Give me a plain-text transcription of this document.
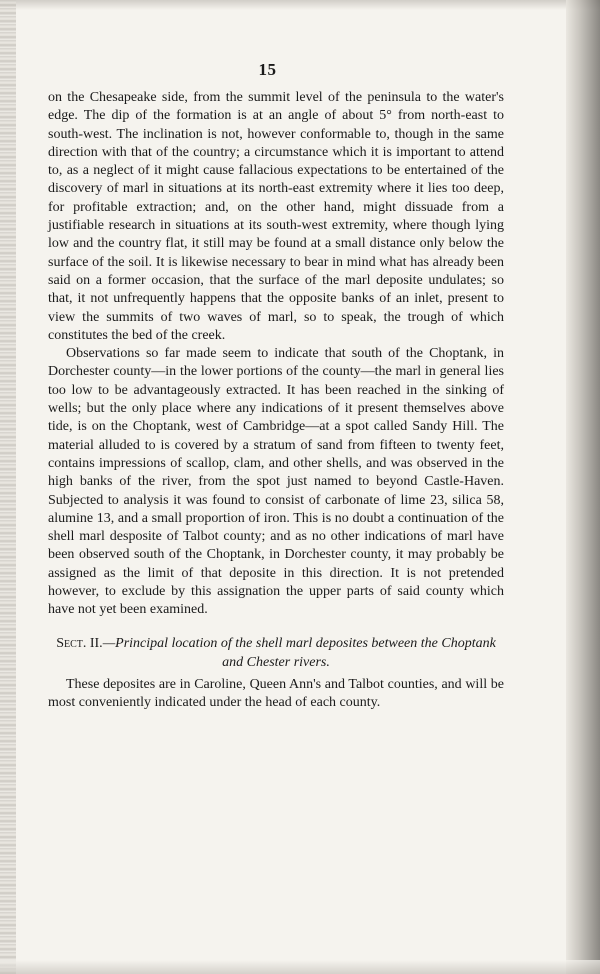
15

on the Chesapeake side, from the summit level of the peninsula to the water's edge. The dip of the formation is at an angle of about 5° from north-east to south-west. The inclination is not, however conformable to, though in the same direction with that of the country; a circumstance which it is important to attend to, as a neglect of it might cause fallacious expectations to be entertained of the discovery of marl in situations at its north-east extremity where it lies too deep, for profitable extraction; and, on the other hand, might dissuade from a justifiable research in situations at its south-west extremity, where though lying low and the country flat, it still may be found at a small distance only below the surface of the soil. It is likewise necessary to bear in mind what has already been said on a former occasion, that the surface of the marl deposite undulates; so that, it not unfrequently happens that the opposite banks of an inlet, present to view the summits of two waves of marl, so to speak, the trough of which constitutes the bed of the creek.

Observations so far made seem to indicate that south of the Choptank, in Dorchester county—in the lower portions of the county—the marl in general lies too low to be advantageously extracted. It has been reached in the sinking of wells; but the only place where any indications of it present themselves above tide, is on the Choptank, west of Cambridge—at a spot called Sandy Hill. The material alluded to is covered by a stratum of sand from fifteen to twenty feet, contains impressions of scallop, clam, and other shells, and was observed in the high banks of the river, from the spot just named to beyond Castle-Haven. Subjected to analysis it was found to consist of carbonate of lime 23, silica 58, alumine 13, and a small proportion of iron. This is no doubt a continuation of the shell marl desposite of Talbot county; and as no other indications of marl have been observed south of the Choptank, in Dorchester county, it may probably be assigned as the limit of that deposite in this direction. It is not pretended however, to exclude by this assignation the upper parts of said county which have not yet been examined.

Sect. II.—Principal location of the shell marl deposites between the Choptank and Chester rivers.

These deposites are in Caroline, Queen Ann's and Talbot counties, and will be most conveniently indicated under the head of each county.
